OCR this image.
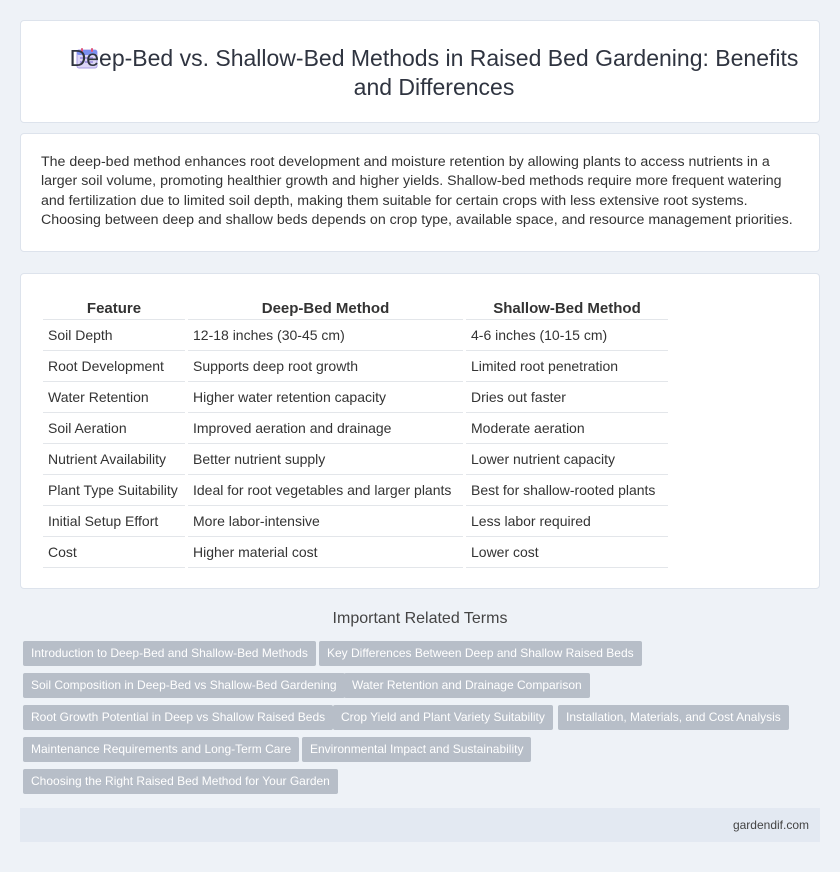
Deep-Bed vs. Shallow-Bed Methods in Raised Bed Gardening: Benefits and Differences

The deep-bed method enhances root development and moisture retention by allowing plants to access nutrients in a larger soil volume, promoting healthier growth and higher yields. Shallow-bed methods require more frequent watering and fertilization due to limited soil depth, making them suitable for certain crops with less extensive root systems. Choosing between deep and shallow beds depends on crop type, available space, and resource management priorities.

Feature		Deep-Bed Method		Shallow-Bed Method
Soil Depth		12-18 inches (30-45 cm)		4-6 inches (10-15 cm)
Root Development		Supports deep root growth		Limited root penetration
Water Retention		Higher water retention capacity		Dries out faster
Soil Aeration		Improved aeration and drainage		Moderate aeration
Nutrient Availability		Better nutrient supply		Lower nutrient capacity
Plant Type Suitability		Ideal for root vegetables and larger plants		Best for shallow-rooted plants
Initial Setup Effort		More labor-intensive		Less labor required
Cost		Higher material cost		Lower cost
Important Related Terms
Introduction to Deep-Bed and Shallow-Bed Methods	Key Differences Between Deep and Shallow Raised Beds
Soil Composition in Deep-Bed vs Shallow-Bed Gardening	Water Retention and Drainage Comparison
Root Growth Potential in Deep vs Shallow Raised Beds	Crop Yield and Plant Variety Suitability	Installation, Materials, and Cost Analysis
Maintenance Requirements and Long-Term Care	Environmental Impact and Sustainability
Choosing the Right Raised Bed Method for Your Garden
gardendif.com
